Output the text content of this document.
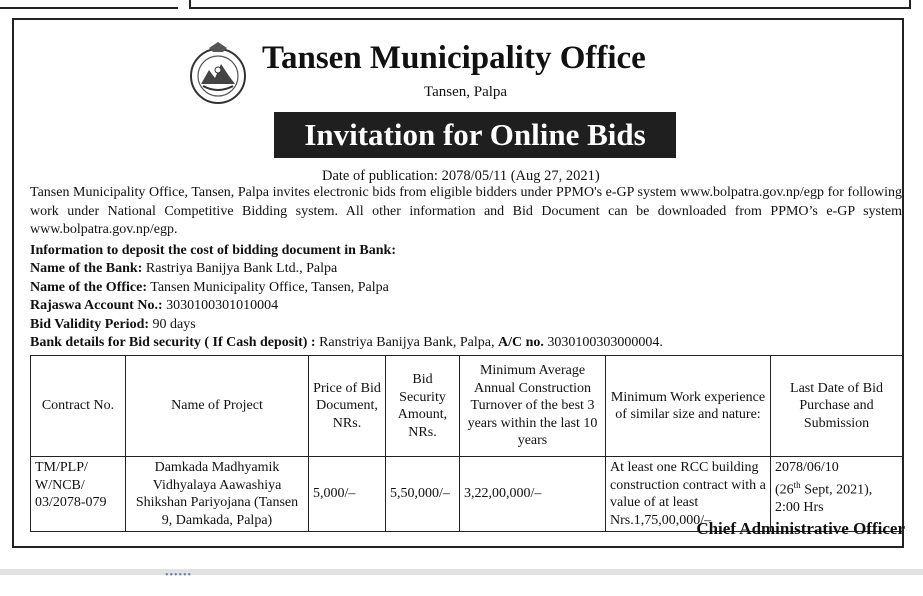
Tansen Municipality Office
Tansen, Palpa
Invitation for Online Bids
Date of publication: 2078/05/11 (Aug 27, 2021)

Tansen Municipality Office, Tansen, Palpa invites electronic bids from eligible bidders under PPMO's e-GP system www.bolpatra.gov.np/egp for following work under National Competitive Bidding system. All other information and Bid Document can be downloaded from PPMO’s e-GP system www.bolpatra.gov.np/egp.

Information to deposit the cost of bidding document in Bank:
Name of the Bank: Rastriya Banijya Bank Ltd., Palpa
Name of the Office: Tansen Municipality Office, Tansen, Palpa
Rajaswa Account No.: 3030100301010004
Bid Validity Period: 90 days
Bank details for Bid security ( If Cash deposit) : Ranstriya Banijya Bank, Palpa, A/C no. 3030100303000004.
Contract No.	Name of Project	Price of Bid Document, NRs.	Bid Security Amount, NRs.	Minimum Average Annual Construction Turnover of the best 3 years within the last 10 years	Minimum Work experience of similar size and nature:	Last Date of Bid Purchase and Submission
TM/PLP/ W/NCB/ 03/2078-079	Damkada Madhyamik Vidhyalaya Aawashiya Shikshan Pariyojana (Tansen 9, Damkada, Palpa)	5,000/–	5,50,000/–	3,22,00,000/–	At least one RCC building construction contract with a value of at least Nrs.1,75,00,000/–	2078/06/10
(26th Sept, 2021),
2:00 Hrs
Chief Administrative Officer
••••••
